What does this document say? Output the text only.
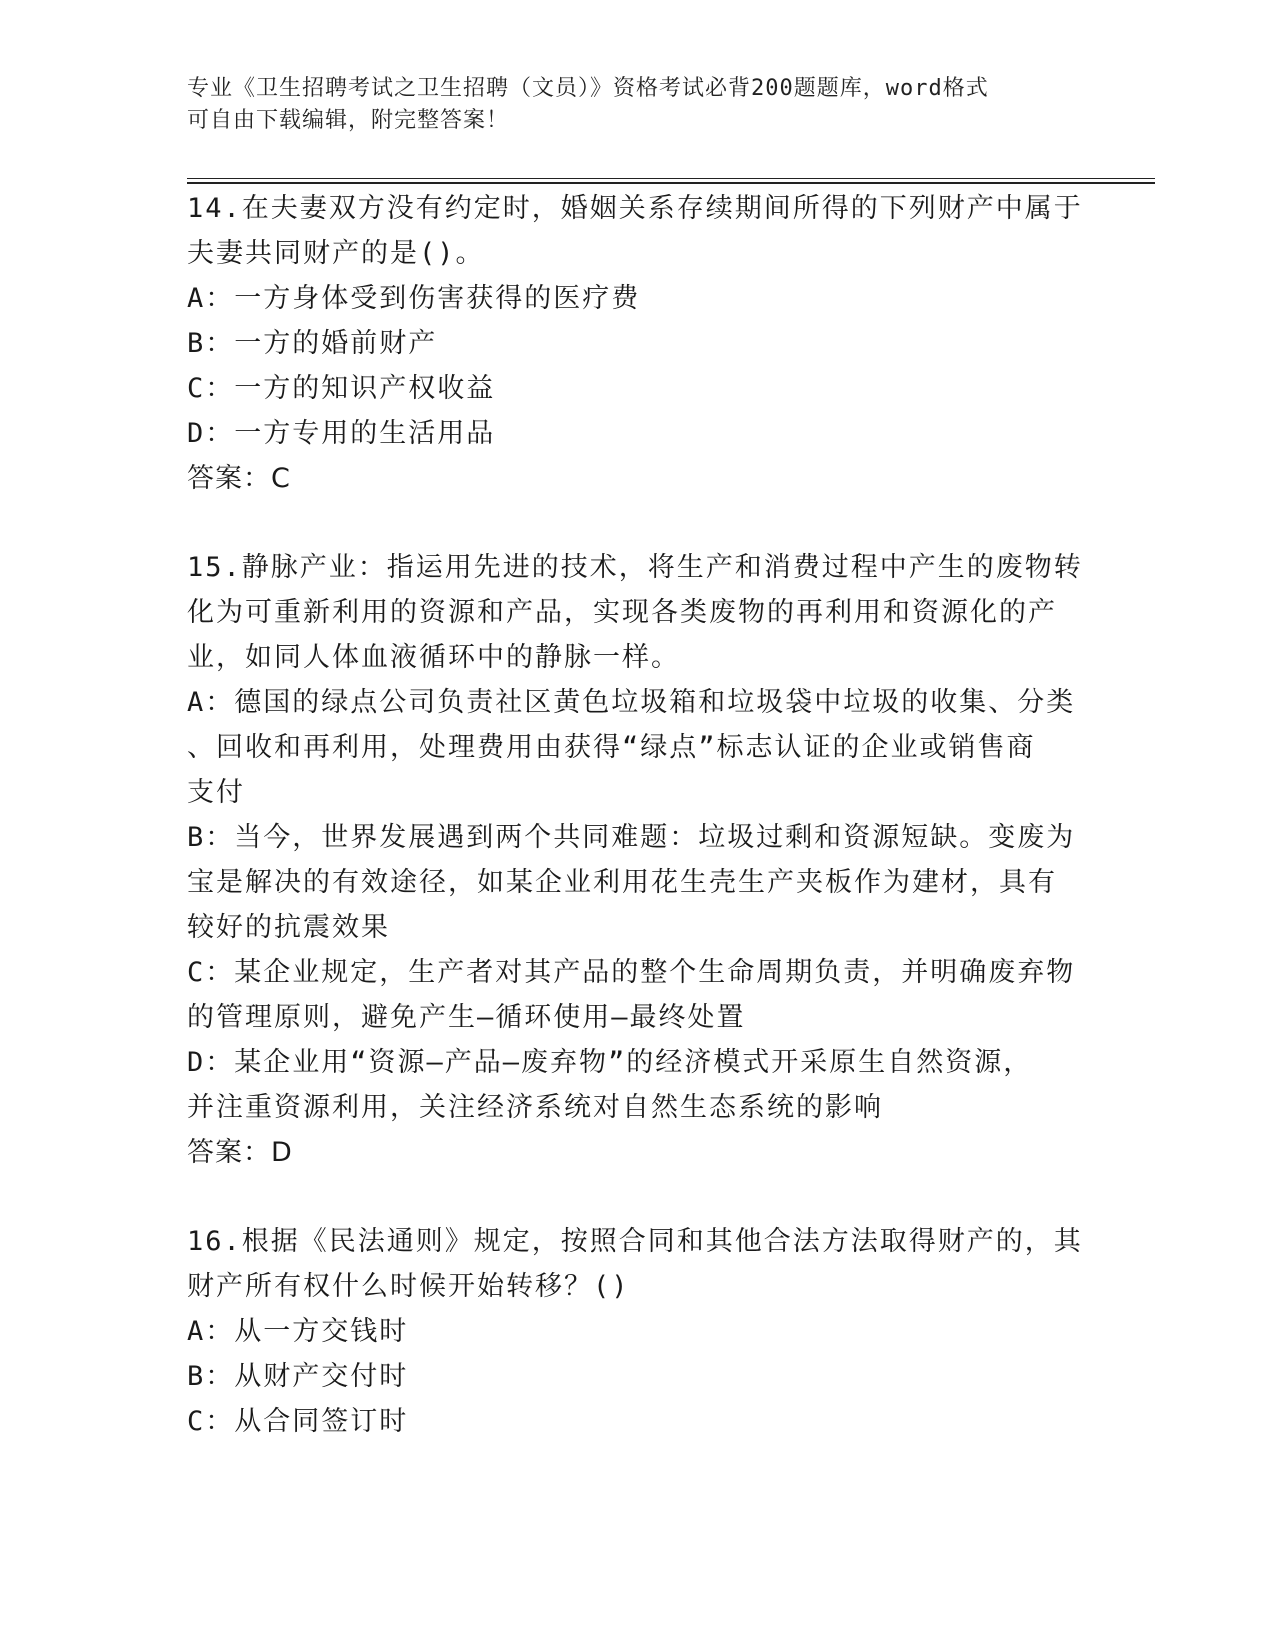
专业《卫生招聘考试之卫生招聘（文员）》资格考试必背200题题库，word格式
可自由下载编辑，附完整答案！
14.在夫妻双方没有约定时，婚姻关系存续期间所得的下列财产中属于
夫妻共同财产的是()。
A：一方身体受到伤害获得的医疗费
B：一方的婚前财产
C：一方的知识产权收益
D：一方专用的生活用品
答案：C
15.静脉产业：指运用先进的技术，将生产和消费过程中产生的废物转
化为可重新利用的资源和产品，实现各类废物的再利用和资源化的产
业，如同人体血液循环中的静脉一样。
A：德国的绿点公司负责社区黄色垃圾箱和垃圾袋中垃圾的收集、分类
、回收和再利用，处理费用由获得“绿点”标志认证的企业或销售商
支付
B：当今，世界发展遇到两个共同难题：垃圾过剩和资源短缺。变废为
宝是解决的有效途径，如某企业利用花生壳生产夹板作为建材，具有
较好的抗震效果
C：某企业规定，生产者对其产品的整个生命周期负责，并明确废弃物
的管理原则，避免产生—循环使用—最终处置
D：某企业用“资源—产品—废弃物”的经济模式开采原生自然资源，
并注重资源利用，关注经济系统对自然生态系统的影响
答案：D
16.根据《民法通则》规定，按照合同和其他合法方法取得财产的，其
财产所有权什么时候开始转移？()
A：从一方交钱时
B：从财产交付时
C：从合同签订时
